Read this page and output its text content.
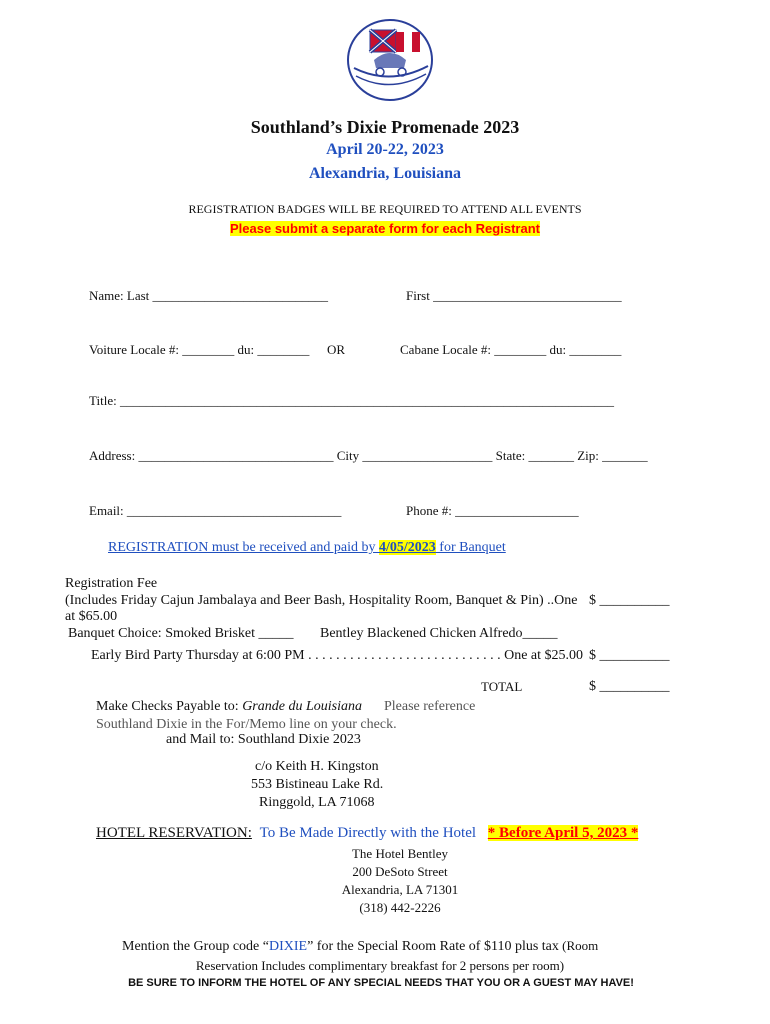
Southland’s Dixie Promenade 2023
April 20-22, 2023
Alexandria, Louisiana
REGISTRATION BADGES WILL BE REQUIRED TO ATTEND ALL EVENTS
Please submit a separate form for each Registrant
Name: Last ___________________________	First _____________________________
Voiture Locale #: ________ du: ________ OR	Cabane Locale #: ________ du: ________
Title: ____________________________________________________________________________
Address: ______________________________ City ____________________ State: _______ Zip: _______
Email: _________________________________	Phone #: ___________________
REGISTRATION must be received and paid by 4/05/2023 for Banquet
Registration Fee
(Includes Friday Cajun Jambalaya and Beer Bash, Hospitality Room, Banquet & Pin) ..One $ __________
at $65.00
Banquet Choice: Smoked Brisket _____ Bentley Blackened Chicken Alfredo_____
Early Bird Party Thursday at 6:00 PM . . . . . . . . . . . . . . . . . . . . . . . . . . . . One at $25.00 $ __________
TOTAL	$ __________
Make Checks Payable to: Grande du Louisiana Please reference
Southland Dixie in the For/Memo line on your check.
and Mail to: Southland Dixie 2023
c/o Keith H. Kingston
553 Bistineau Lake Rd.
Ringgold, LA 71068
HOTEL RESERVATION: To Be Made Directly with the Hotel * Before April 5, 2023 *
The Hotel Bentley
200 DeSoto Street
Alexandria, LA 71301
(318) 442-2226
Mention the Group code “DIXIE” for the Special Room Rate of $110 plus tax (Room
Reservation Includes complimentary breakfast for 2 persons per room)
BE SURE TO INFORM THE HOTEL OF ANY SPECIAL NEEDS THAT YOU OR A GUEST MAY HAVE!
